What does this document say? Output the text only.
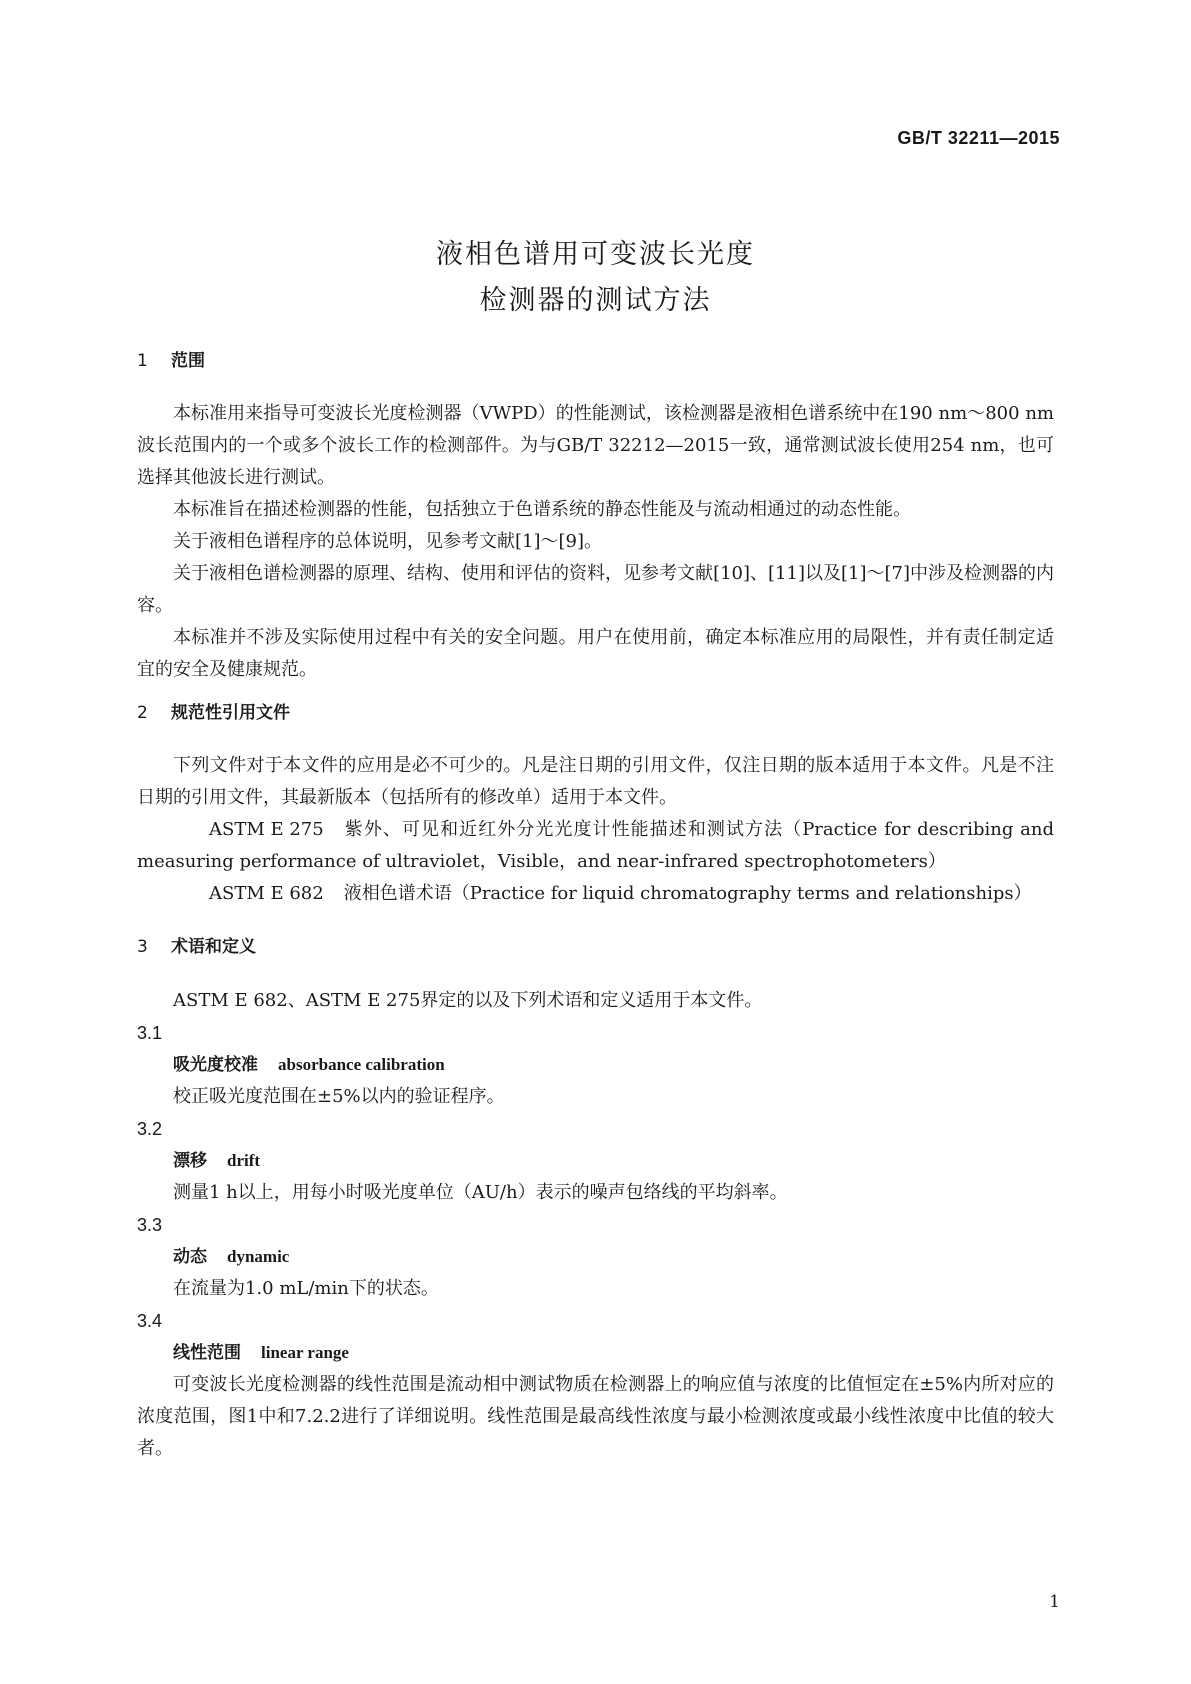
GB/T 32211—2015
液相色谱用可变波长光度
检测器的测试方法
1 范围

本标准用来指导可变波长光度检测器（VWPD）的性能测试，该检测器是液相色谱系统中在190 nm～800 nm波长范围内的一个或多个波长工作的检测部件。为与GB/T 32212—2015一致，通常测试波长使用254 nm，也可选择其他波长进行测试。

本标准旨在描述检测器的性能，包括独立于色谱系统的静态性能及与流动相通过的动态性能。

关于液相色谱程序的总体说明，见参考文献[1]～[9]。

关于液相色谱检测器的原理、结构、使用和评估的资料，见参考文献[10]、[11]以及[1]～[7]中涉及检测器的内容。

本标准并不涉及实际使用过程中有关的安全问题。用户在使用前，确定本标准应用的局限性，并有责任制定适宜的安全及健康规范。

2 规范性引用文件

下列文件对于本文件的应用是必不可少的。凡是注日期的引用文件，仅注日期的版本适用于本文件。凡是不注日期的引用文件，其最新版本（包括所有的修改单）适用于本文件。

ASTM E 275 紫外、可见和近红外分光光度计性能描述和测试方法（Practice for describing and measuring performance of ultraviolet，Visible，and near-infrared spectrophotometers）

ASTM E 682 液相色谱术语（Practice for liquid chromatography terms and relationships）

3 术语和定义

ASTM E 682、ASTM E 275界定的以及下列术语和定义适用于本文件。

3.1

吸光度校准 absorbance calibration

校正吸光度范围在±5%以内的验证程序。

3.2

漂移 drift

测量1 h以上，用每小时吸光度单位（AU/h）表示的噪声包络线的平均斜率。

3.3

动态 dynamic

在流量为1.0 mL/min下的状态。

3.4

线性范围 linear range

可变波长光度检测器的线性范围是流动相中测试物质在检测器上的响应值与浓度的比值恒定在±5%内所对应的浓度范围，图1中和7.2.2进行了详细说明。线性范围是最高线性浓度与最小检测浓度或最小线性浓度中比值的较大者。

1
